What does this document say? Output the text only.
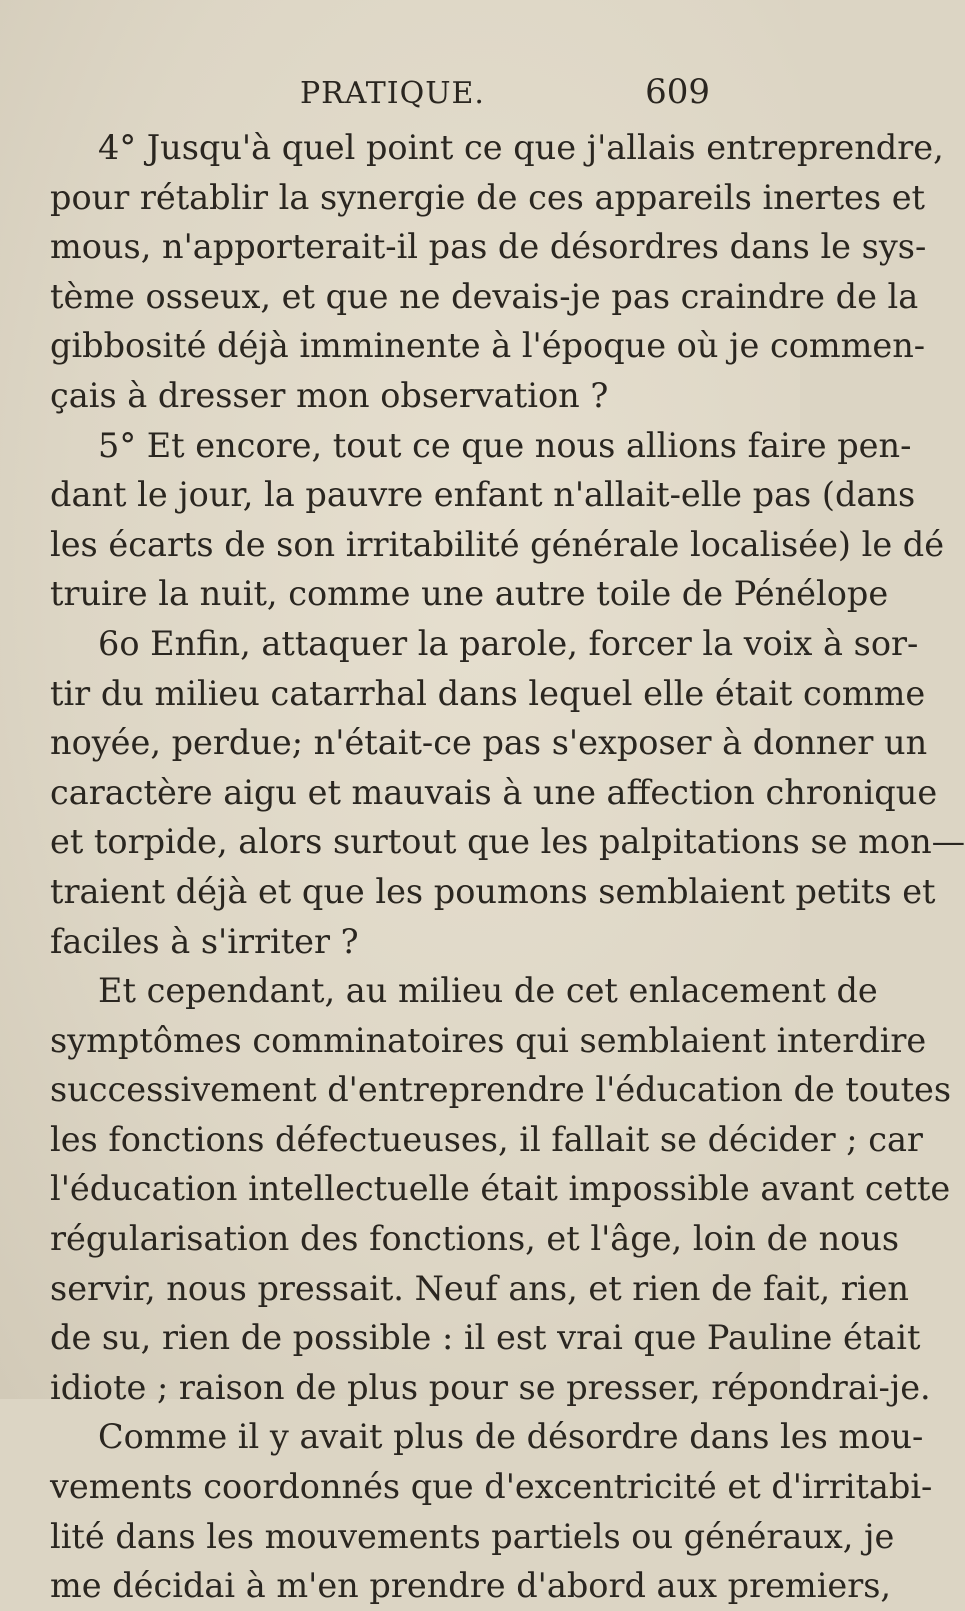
PRATIQUE.	609
4° Jusqu'à quel point ce que j'allais entreprendre,
pour rétablir la synergie de ces appareils inertes et
mous, n'apporterait-il pas de désordres dans le sys-
tème osseux, et que ne devais-je pas craindre de la
gibbosité déjà imminente à l'époque où je commen-
çais à dresser mon observation ?
5° Et encore, tout ce que nous allions faire pen-
dant le jour, la pauvre enfant n'allait-elle pas (dans
les écarts de son irritabilité générale localisée) le dé
truire la nuit, comme une autre toile de Pénélope
6o Enfin, attaquer la parole, forcer la voix à sor-
tir du milieu catarrhal dans lequel elle était comme
noyée, perdue; n'était-ce pas s'exposer à donner un
caractère aigu et mauvais à une affection chronique
et torpide, alors surtout que les palpitations se mon—
traient déjà et que les poumons semblaient petits et
faciles à s'irriter ?
Et cependant, au milieu de cet enlacement de
symptômes comminatoires qui semblaient interdire
successivement d'entreprendre l'éducation de toutes
les fonctions défectueuses, il fallait se décider ; car
l'éducation intellectuelle était impossible avant cette
régularisation des fonctions, et l'âge, loin de nous
servir, nous pressait. Neuf ans, et rien de fait, rien
de su, rien de possible : il est vrai que Pauline était
idiote ; raison de plus pour se presser, répondrai-je.
Comme il y avait plus de désordre dans les mou-
vements coordonnés que d'excentricité et d'irritabi-
lité dans les mouvements partiels ou généraux, je
me décidai à m'en prendre d'abord aux premiers,
